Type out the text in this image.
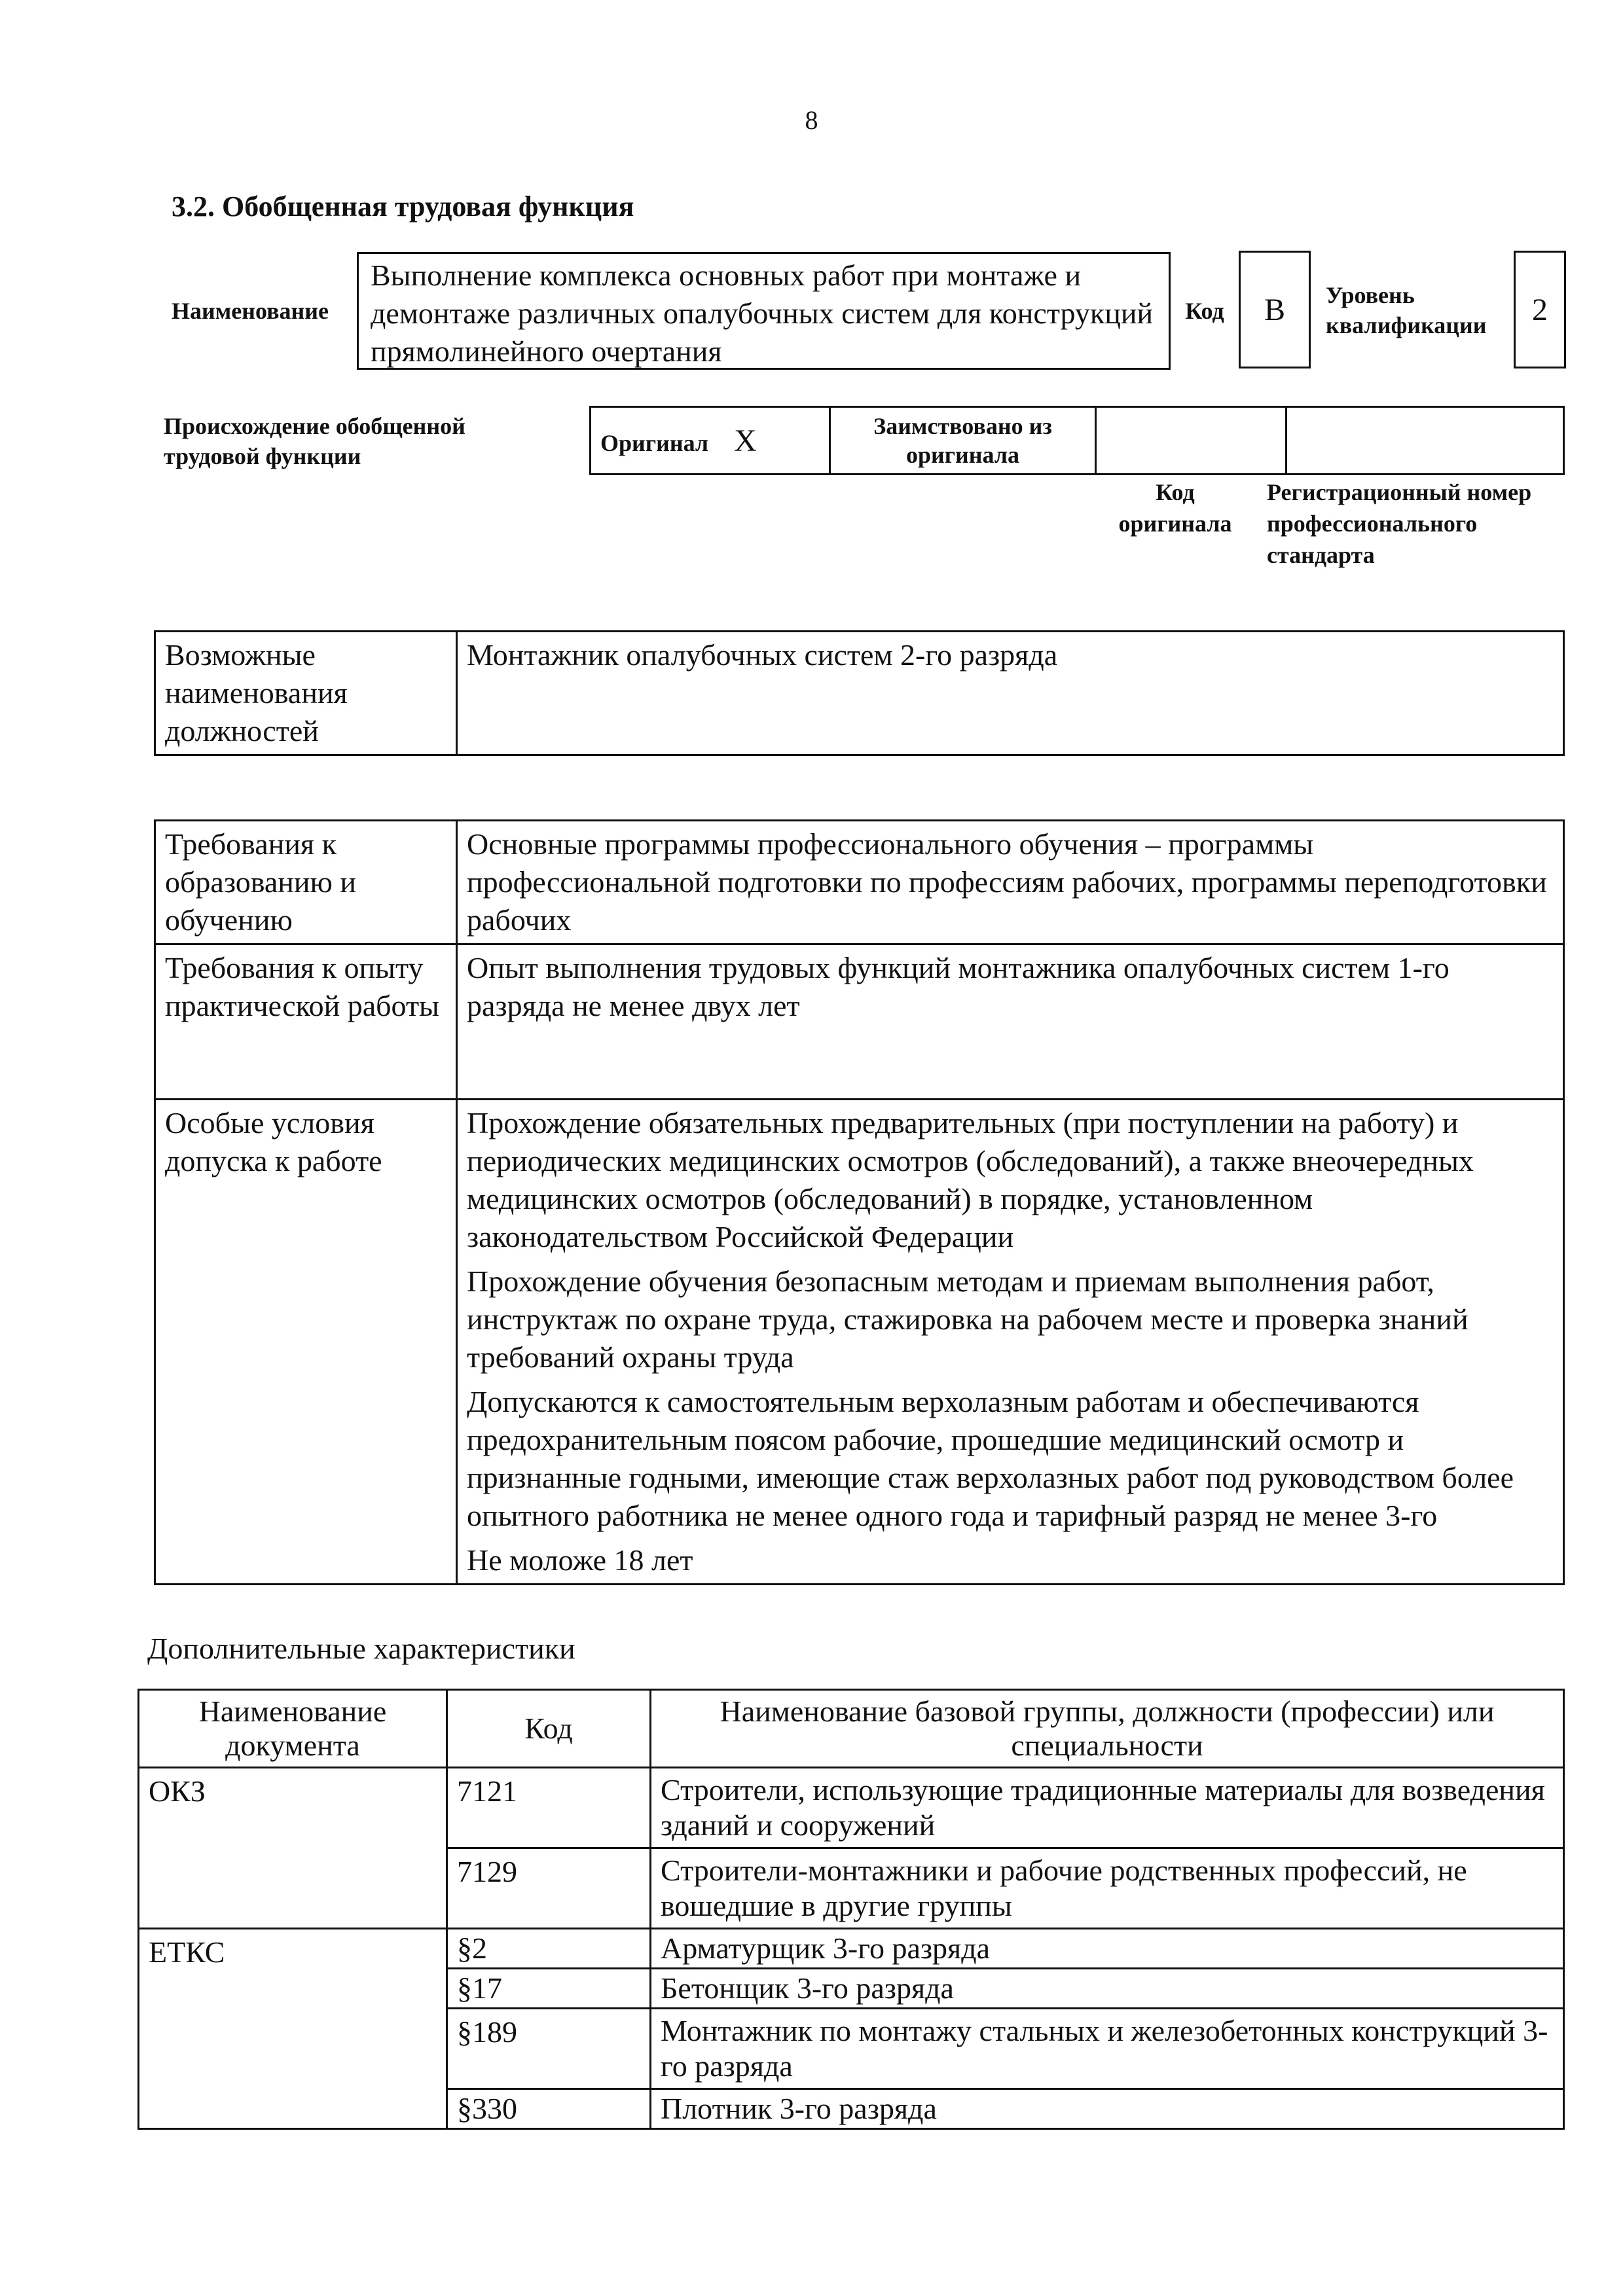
8
3.2. Обобщенная трудовая функция
Наименование
Выполнение комплекса основных работ при монтаже и демонтаже различных опалубочных систем для конструкций прямолинейного очертания
Код	B Уровень квалификации	2
Происхождение обобщенной трудовой функции
Оригинал X	Заимствовано из оригинала		
Код оригинала
Регистрационный номер профессионального стандарта
Возможные наименования должностей	Монтажник опалубочных систем 2-го разряда
Требования к образованию и обучению	Основные программы профессионального обучения – программы профессиональной подготовки по профессиям рабочих, программы переподготовки рабочих

Требования к опыту практической работы	Опыт выполнения трудовых функций монтажника опалубочных систем 1-го разряда не менее двух лет

Особые условия допуска к работе	Прохождение обязательных предварительных (при поступлении на работу) и периодических медицинских осмотров (обследований), а также внеочередных медицинских осмотров (обследований) в порядке, установленном законодательством Российской Федерации

Прохождение обучения безопасным методам и приемам выполнения работ, инструктаж по охране труда, стажировка на рабочем месте и проверка знаний требований охраны труда

Допускаются к самостоятельным верхолазным работам и обеспечиваются предохранительным поясом рабочие, прошедшие медицинский осмотр и признанные годными, имеющие стаж верхолазных работ под руководством более опытного работника не менее одного года и тарифный разряд не менее 3-го

Не моложе 18 лет

Дополнительные характеристики
Наименование документа	Код	Наименование базовой группы, должности (профессии) или специальности
ОКЗ	7121	Строители, использующие традиционные материалы для возведения зданий и сооружений
	7129	Строители-монтажники и рабочие родственных профессий, не вошедшие в другие группы
ЕТКС	§2	Арматурщик 3-го разряда
	§17	Бетонщик 3-го разряда
	§189	Монтажник по монтажу стальных и железобетонных конструкций 3-го разряда
	§330	Плотник 3-го разряда
